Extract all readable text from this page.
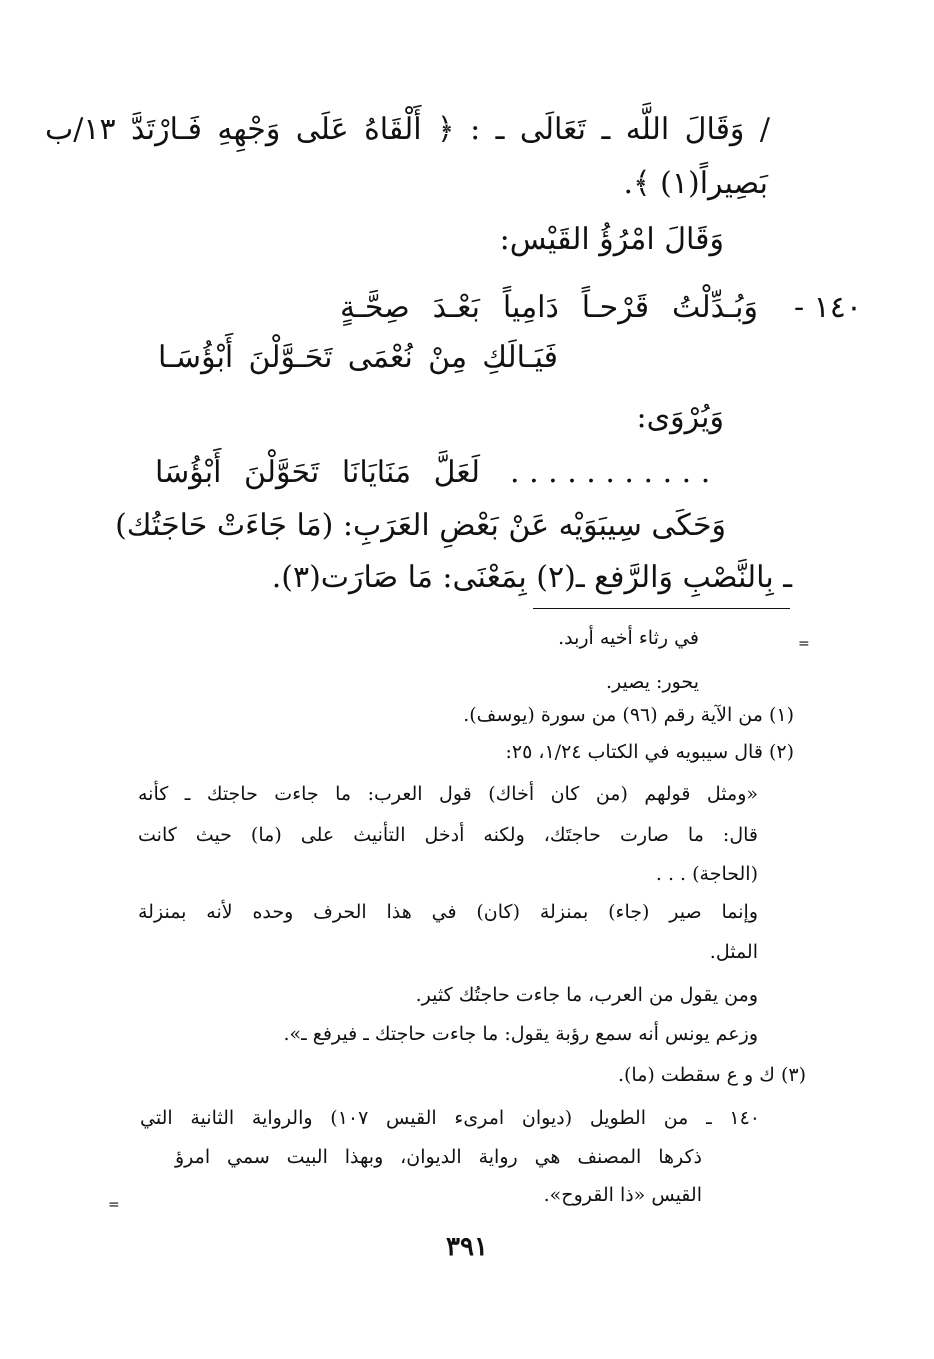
/ وَقَالَ اللَّه ـ تَعَالَى ـ : ﴿ أَلْقَاهُ عَلَى وَجْهِهِ فَـارْتَدَّ ١٣/ب
بَصِيراً(١) ﴾.
وَقَالَ امْرُؤُ القَيْس:
١٤٠ -
وَبُـدِّلْتُ قَرْحـاً دَامِياً بَعْـدَ صِحَّـةٍ
فَيَـالَكِ مِنْ نُعْمَى تَحَـوَّلْنَ أَبْؤُسَـا
وَيُرْوَى:
. . . . . . . . . . .
لَعَلَّ مَنَايَانَا تَحَوَّلْنَ أَبْؤُسَا
وَحَكَى سِيبَوَيْه عَنْ بَعْضِ العَرَبِ: (مَا جَاءَتْ حَاجَتُك)
ـ بِالنَّصْبِ وَالرَّفع ـ(٢) بِمَعْنَى: مَا صَارَت(٣).
=
في رثاء أخيه أربد.
يحور: يصير.
(١) من الآية رقم (٩٦) من سورة (يوسف).
(٢) قال سيبويه في الكتاب ١/٢٤، ٢٥:
«ومثل قولهم (من كان أخاك) قول العرب: ما جاءت حاجتك ـ كأنه
قال: ما صارت حاجتَك، ولكنه أدخل التأنيث على (ما) حيث كانت
(الحاجة) . . .
وإنما صير (جاء) بمنزلة (كان) في هذا الحرف وحده لأنه بمنزلة
المثل.
ومن يقول من العرب، ما جاءت حاجتُك كثير.
وزعم يونس أنه سمع رؤبة يقول: ما جاءت حاجتك ـ فيرفع ـ».
(٣) ك و ع سقطت (ما).
١٤٠ ـ من الطويل (ديوان امرىء القيس ١٠٧) والرواية الثانية التي
ذكرها المصنف هي رواية الديوان، وبهذا البيت سمي امرؤ
القيس «ذا القروح».
=
٣٩١
